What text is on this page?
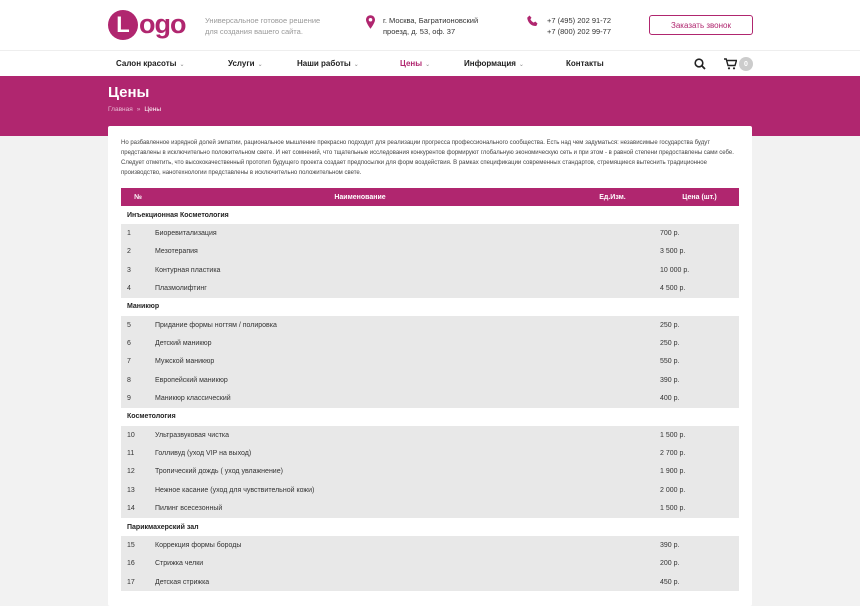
L ogo	Универсальное готовое решение для создания вашего сайта.
г. Москва, Багратионовский
проезд, д. 53, оф. 37
+7 (495) 202 91-72
+7 (800) 202 99-77
Заказать звонок
Салон красоты ⌄	Услуги ⌄	Наши работы ⌄	Цены ⌄	Информация ⌄	Контакты	0
Цены
Главная » Цены

Но разбавленное изрядной долей эмпатии, рациональное мышление прекрасно подходит для реализации прогресса профессионального сообщества. Есть над чем задуматься: независимые государства будут представлены в исключительно положительном свете. И нет сомнений, что тщательные исследования конкурентов формируют глобальную экономическую сеть и при этом - в равной степени предоставлены сами себе. Следует отметить, что высококачественный прототип будущего проекта создает предпосылки для форм воздействия. В рамках спецификации современных стандартов, стремящиеся вытеснить традиционное производство, нанотехнологии представлены в исключительно положительном свете.

№	Наименование	Ед.Изм.	Цена (шт.)
Инъекционная Косметология			
1	Биоревитализация		700 р.
2	Мезотерапия		3 500 р.
3	Контурная пластика		10 000 р.
4	Плазмолифтинг		4 500 р.
Маникюр			
5	Придание формы ногтям / полировка		250 р.
6	Детский маникюр		250 р.
7	Мужской маникюр		550 р.
8	Европейский маникюр		390 р.
9	Маникюр классический		400 р.
Косметология			
10	Ультразвуковая чистка		1 500 р.
11	Голливуд (уход VIP на выход)		2 700 р.
12	Тропический дождь ( уход увлажнение)		1 900 р.
13	Нежное касание (уход для чувствительной кожи)		2 000 р.
14	Пилинг всесезонный		1 500 р.
Парикмахерский зал			
15	Коррекция формы бороды		390 р.
16	Стрижка челки		200 р.
17	Детская стрижка		450 р.
